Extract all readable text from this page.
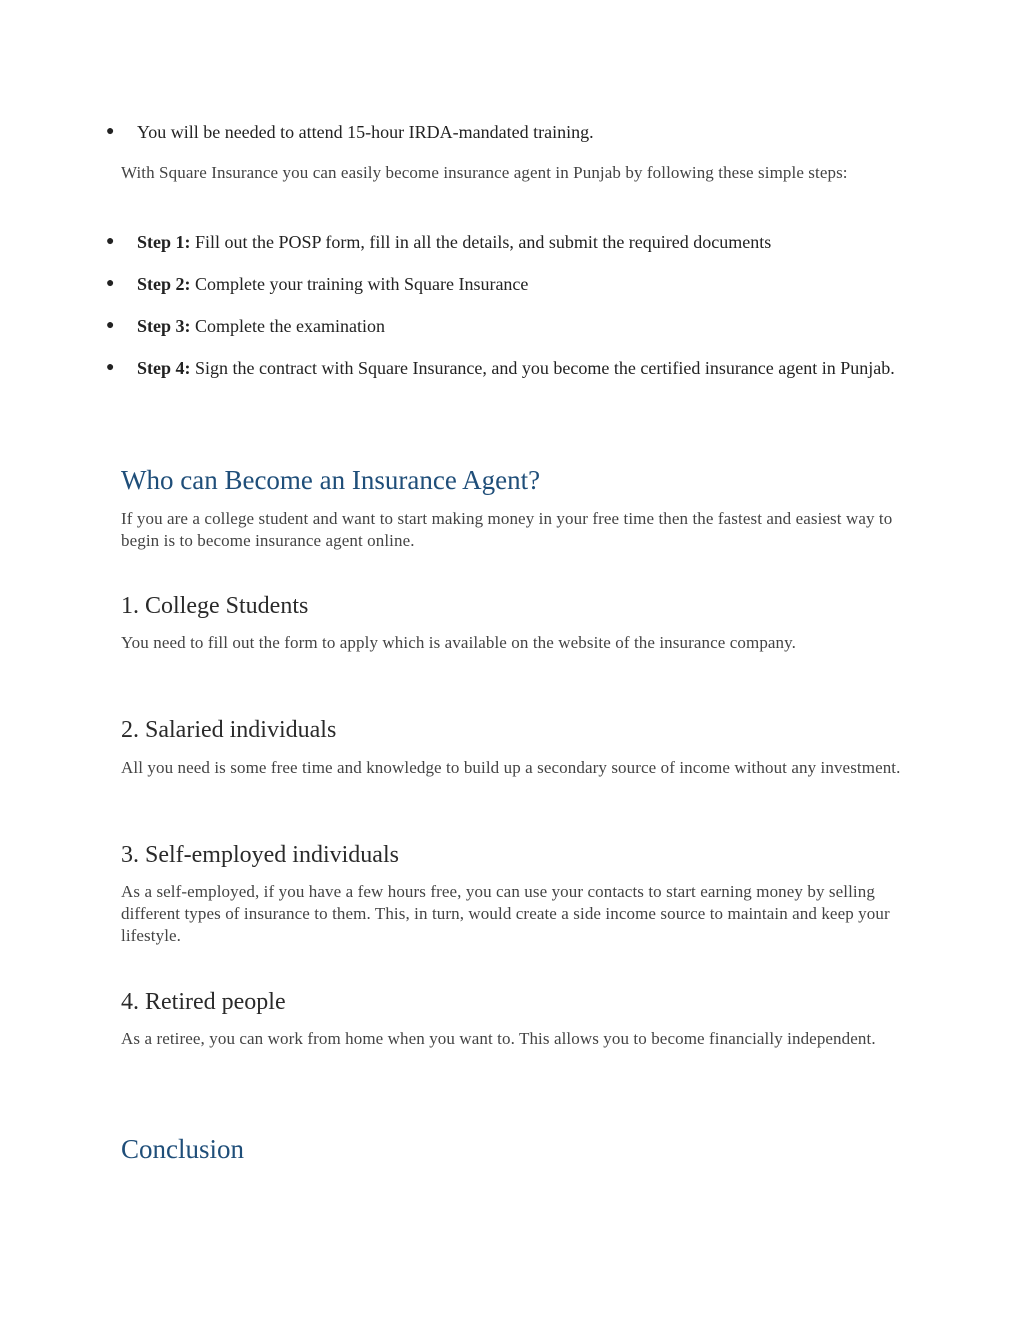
●	You will be needed to attend 15-hour IRDA-mandated training.

With Square Insurance you can easily become insurance agent in Punjab by following these simple steps:

●	Step 1: Fill out the POSP form, fill in all the details, and submit the required documents
●	Step 2: Complete your training with Square Insurance
●	Step 3: Complete the examination
●	Step 4: Sign the contract with Square Insurance, and you become the certified insurance agent in Punjab.
Who can Become an Insurance Agent?

If you are a college student and want to start making money in your free time then the fastest and easiest way to begin is to become insurance agent online.

1. College Students

You need to fill out the form to apply which is available on the website of the insurance company.

2. Salaried individuals

All you need is some free time and knowledge to build up a secondary source of income without any investment.

3. Self-employed individuals

As a self-employed, if you have a few hours free, you can use your contacts to start earning money by selling different types of insurance to them. This, in turn, would create a side income source to maintain and keep your lifestyle.

4. Retired people

As a retiree, you can work from home when you want to. This allows you to become financially independent.

Conclusion
